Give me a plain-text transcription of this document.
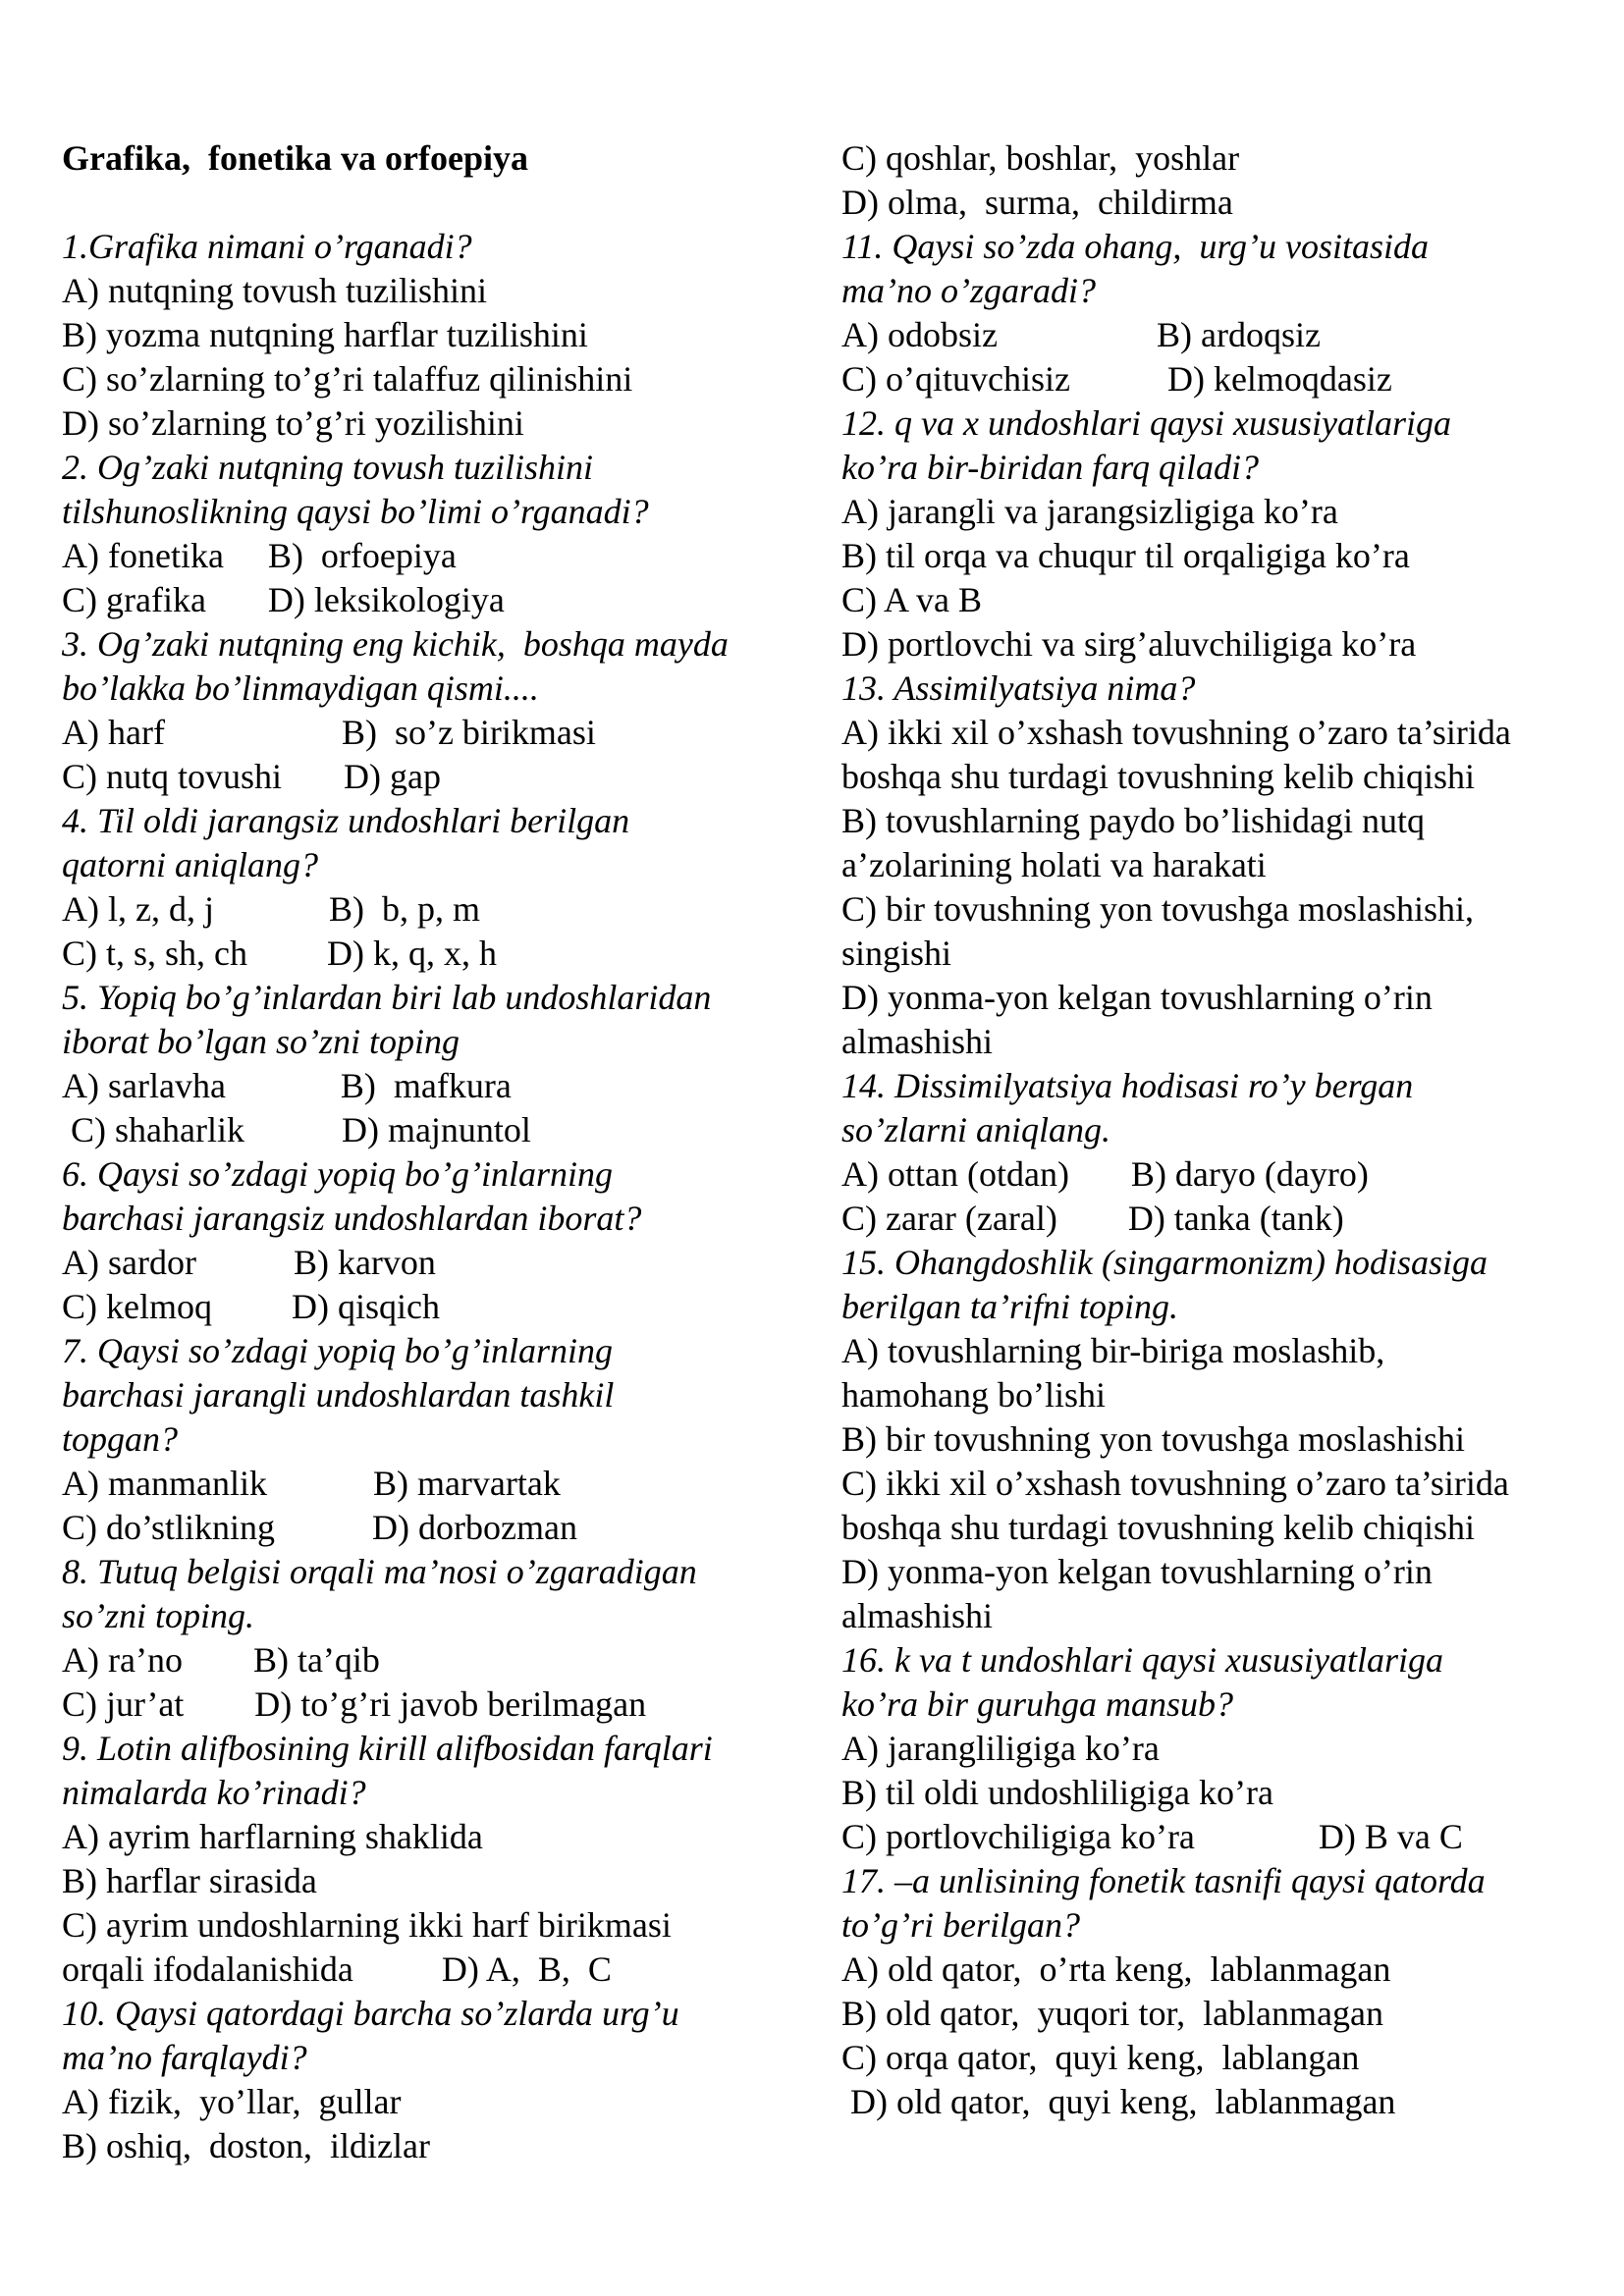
Grafika,  fonetika va orfoepiya
1.Grafika nimani o’rganadi?
A) nutqning tovush tuzilishini
B) yozma nutqning harflar tuzilishini
C) so’zlarning to’g’ri talaffuz qilinishini
D) so’zlarning to’g’ri yozilishini
2. Og’zaki nutqning tovush tuzilishini
tilshunoslikning qaysi bo’limi o’rganadi?
A) fonetika     B)  orfoepiya
C) grafika       D) leksikologiya
3. Og’zaki nutqning eng kichik,  boshqa mayda
bo’lakka bo’linmaydigan qismi....
A) harf                    B)  so’z birikmasi
C) nutq tovushi       D) gap
4. Til oldi jarangsiz undoshlari berilgan
qatorni aniqlang?
A) l, z, d, j             B)  b, p, m
C) t, s, sh, ch         D) k, q, x, h
5. Yopiq bo’g’inlardan biri lab undoshlaridan
iborat bo’lgan so’zni toping
A) sarlavha             B)  mafkura
C) shaharlik           D) majnuntol
6. Qaysi so’zdagi yopiq bo’g’inlarning
barchasi jarangsiz undoshlardan iborat?
A) sardor           B) karvon
C) kelmoq         D) qisqich
7. Qaysi so’zdagi yopiq bo’g’inlarning
barchasi jarangli undoshlardan tashkil
topgan?
A) manmanlik            B) marvartak
C) do’stlikning           D) dorbozman
8. Tutuq belgisi orqali ma’nosi o’zgaradigan
so’zni toping.
A) ra’no        B) ta’qib
C) jur’at        D) to’g’ri javob berilmagan
9. Lotin alifbosining kirill alifbosidan farqlari
nimalarda ko’rinadi?
A) ayrim harflarning shaklida
B) harflar sirasida
C) ayrim undoshlarning ikki harf birikmasi
orqali ifodalanishida          D) A,  B,  C
10. Qaysi qatordagi barcha so’zlarda urg’u
ma’no farqlaydi?
A) fizik,  yo’llar,  gullar
B) oshiq,  doston,  ildizlar
C) qoshlar, boshlar,  yoshlar
D) olma,  surma,  childirma
11. Qaysi so’zda ohang,  urg’u vositasida
ma’no o’zgaradi?
A) odobsiz                  B) ardoqsiz
C) o’qituvchisiz           D) kelmoqdasiz
12. q va x undoshlari qaysi xususiyatlariga
ko’ra bir-biridan farq qiladi?
A) jarangli va jarangsizligiga ko’ra
B) til orqa va chuqur til orqaligiga ko’ra
C) A va B
D) portlovchi va sirg’aluvchiligiga ko’ra
13. Assimilyatsiya nima?
A) ikki xil o’xshash tovushning o’zaro ta’sirida
boshqa shu turdagi tovushning kelib chiqishi
B) tovushlarning paydo bo’lishidagi nutq
a’zolarining holati va harakati
C) bir tovushning yon tovushga moslashishi,
singishi
D) yonma-yon kelgan tovushlarning o’rin
almashishi
14. Dissimilyatsiya hodisasi ro’y bergan
so’zlarni aniqlang.
A) ottan (otdan)       B) daryo (dayro)
C) zarar (zaral)        D) tanka (tank)
15. Ohangdoshlik (singarmonizm) hodisasiga
berilgan ta’rifni toping.
A) tovushlarning bir-biriga moslashib,
hamohang bo’lishi
B) bir tovushning yon tovushga moslashishi
C) ikki xil o’xshash tovushning o’zaro ta’sirida
boshqa shu turdagi tovushning kelib chiqishi
D) yonma-yon kelgan tovushlarning o’rin
almashishi
16. k va t undoshlari qaysi xususiyatlariga
ko’ra bir guruhga mansub?
A) jarangliligiga ko’ra
B) til oldi undoshliligiga ko’ra
C) portlovchiligiga ko’ra              D) B va C
17. –a unlisining fonetik tasnifi qaysi qatorda
to’g’ri berilgan?
A) old qator,  o’rta keng,  lablanmagan
B) old qator,  yuqori tor,  lablanmagan
C) orqa qator,  quyi keng,  lablangan
D) old qator,  quyi keng,  lablanmagan
